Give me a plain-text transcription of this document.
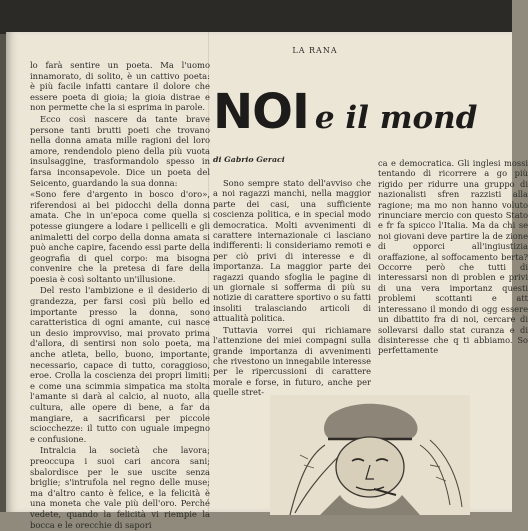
LA RANA

lo farà sentire un poeta. Ma l'uomo innamorato, di solito, è un cattivo poeta: è più facile infatti cantare il dolore che essere poeta di gioia; la gioia distrae e non permette che la si esprima in parole.

Ecco così nascere da tante brave persone tanti brutti poeti che trovano nella donna amata mille ragioni del loro amore, rendendolo pieno della più vuota insulsaggine, trasformandolo spesso in farsa inconsapevole. Dice un poeta del Seicento, guardando la sua donna:

«Sono fere d'argento in bosco d'oro», riferendosi ai bei pidocchi della donna amata. Che in un'epoca come quella si potesse giungere a lodare i pellicelli e gli animaletti del corpo della donna amata si può anche capire, facendo essi parte della geografia di quel corpo: ma bisogna convenire che la pretesa di fare della poesia è così soltanto un'illusione.

Del resto l'ambizione e il desiderio di grandezza, per farsi così più bello ed importante presso la donna, sono caratteristica di ogni amante, cui nasce un desio improvviso, mai provato prima d'allora, di sentirsi non solo poeta, ma anche atleta, bello, buono, importante, necessario, capace di tutto, coraggioso, eroe. Crolla la coscienza dei propri limiti: e come una scimmia simpatica ma stolta l'amante si darà al calcio, al nuoto, alla cultura, alle opere di bene, a far da mangiare, a sacrificarsi per piccole sciocchezze: il tutto con uguale impegno e confusione.

Intralcia la società che lavora; preoccupa i suoi cari ancora sani; sbalordisce per le sue uscite senza briglie; s'intrufola nel regno delle muse; ma d'altro canto è felice, e la felicità è una moneta che vale più dell'oro. Perché vedete, quando la felicità vi riempie la bocca e le orecchie di sapori

NOI e il mond
di Gabrio Geraci

Sono sempre stato dell'avviso che a noi ragazzi manchi, nella maggior parte dei casi, una sufficiente coscienza politica, e in special modo democratica. Molti avvenimenti di carattere internazionale ci lasciano indifferenti: li consideriamo remoti e per ciò privi di interesse e di importanza. La maggior parte dei ragazzi quando sfoglia le pagine di un giornale si sofferma di più su notizie di carattere sportivo o su fatti insoliti tralasciando articoli di attualità politica.

Tuttavia vorrei qui richiamare l'attenzione dei miei compagni sulla grande importanza di avvenimenti che rivestono un innegabile interesse per le ripercussioni di carattere morale e forse, in futuro, anche per quelle stret-

ca e democratica. Gli inglesi mossi tentando di ricorrere a go più rigido per ridurre una gruppo di nazionalisti sfren razzisti alla ragione; ma mo non hanno voluto rinunciare mercio con questo Stato e fr fa spicco l'Italia. Ma da chi se noi giovani deve partire la de zione di opporci all'ingiustizia oraffazione, al soffocamento berta? Occorre però che tutti di interessarsi non di problen e privi di una vera importanz questi problemi scottanti e att interessano il mondo di ogg essere un dibattito fra di noi, cercare di sollevarsi dallo stat curanza e di disinteresse che q ti abbiamo. So perfettamente
